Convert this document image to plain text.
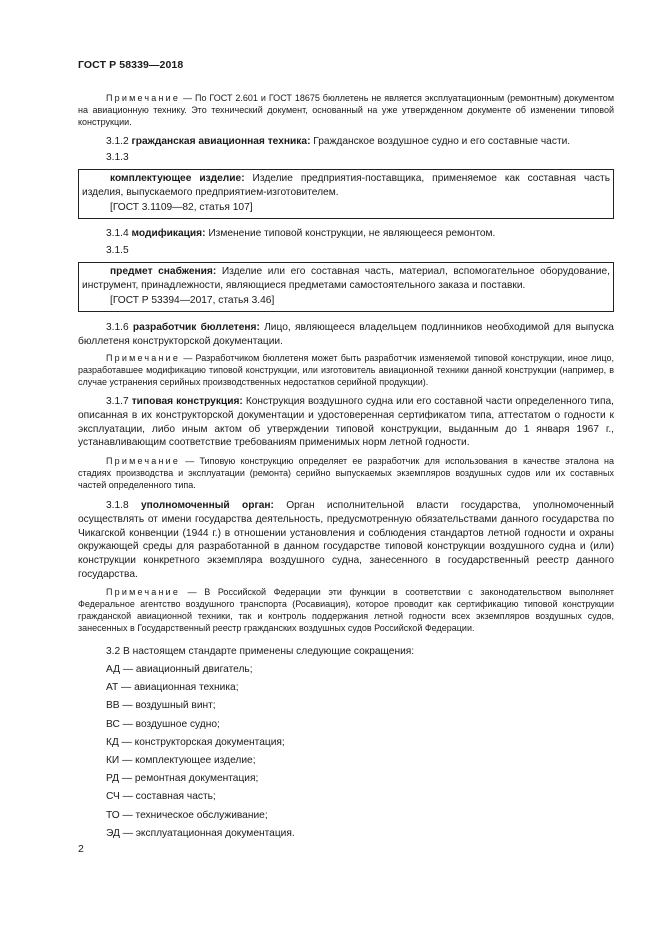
ГОСТ Р 58339—2018

Примечание — По ГОСТ 2.601 и ГОСТ 18675 бюллетень не является эксплуатационным (ремонтным) документом на авиационную технику. Это технический документ, основанный на уже утвержденном документе об изменении типовой конструкции.

3.1.2 гражданская авиационная техника: Гражданское воздушное судно и его составные части.

3.1.3

комплектующее изделие: Изделие предприятия-поставщика, применяемое как составная часть изделия, выпускаемого предприятием-изготовителем.

[ГОСТ 3.1109—82, статья 107]

3.1.4 модификация: Изменение типовой конструкции, не являющееся ремонтом.

3.1.5

предмет снабжения: Изделие или его составная часть, материал, вспомогательное оборудование, инструмент, принадлежности, являющиеся предметами самостоятельного заказа и поставки.

[ГОСТ Р 53394—2017, статья 3.46]

3.1.6 разработчик бюллетеня: Лицо, являющееся владельцем подлинников необходимой для выпуска бюллетеня конструкторской документации.

Примечание — Разработчиком бюллетеня может быть разработчик изменяемой типовой конструкции, иное лицо, разработавшее модификацию типовой конструкции, или изготовитель авиационной техники данной конструкции (например, в случае устранения серийных производственных недостатков серийной продукции).

3.1.7 типовая конструкция: Конструкция воздушного судна или его составной части определенного типа, описанная в их конструкторской документации и удостоверенная сертификатом типа, аттестатом о годности к эксплуатации, либо иным актом об утверждении типовой конструкции, выданным до 1 января 1967 г., устанавливающим соответствие требованиям применимых норм летной годности.

Примечание — Типовую конструкцию определяет ее разработчик для использования в качестве эталона на стадиях производства и эксплуатации (ремонта) серийно выпускаемых экземпляров воздушных судов или их составных частей определенного типа.

3.1.8 уполномоченный орган: Орган исполнительной власти государства, уполномоченный осуществлять от имени государства деятельность, предусмотренную обязательствами данного государства по Чикагской конвенции (1944 г.) в отношении установления и соблюдения стандартов летной годности и охраны окружающей среды для разработанной в данном государстве типовой конструкции воздушного судна и (или) конструкции конкретного экземпляра воздушного судна, занесенного в государственный реестр данного государства.

Примечание — В Российской Федерации эти функции в соответствии с законодательством выполняет Федеральное агентство воздушного транспорта (Росавиация), которое проводит как сертификацию типовой конструкции гражданской авиационной техники, так и контроль поддержания летной годности всех экземпляров воздушных судов, занесенных в Государственный реестр гражданских воздушных судов Российской Федерации.

3.2 В настоящем стандарте применены следующие сокращения:

АД — авиационный двигатель;

АТ — авиационная техника;

ВВ — воздушный винт;

ВС — воздушное судно;

КД — конструкторская документация;

КИ — комплектующее изделие;

РД — ремонтная документация;

СЧ — составная часть;

ТО — техническое обслуживание;

ЭД — эксплуатационная документация.

2
